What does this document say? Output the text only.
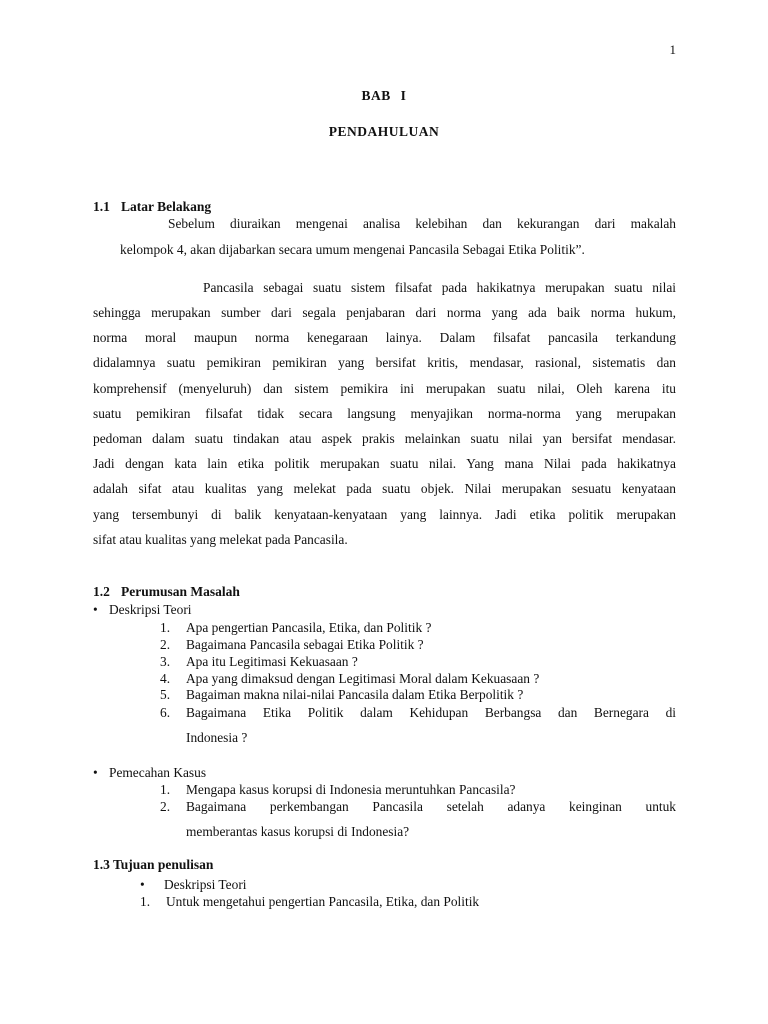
1
BAB I
PENDAHULUAN
1.1 Latar Belakang
Sebelum diuraikan mengenai analisa kelebihan dan kekurangan dari makalah
kelompok 4, akan dijabarkan secara umum mengenai Pancasila Sebagai Etika Politik”.
Pancasila sebagai suatu sistem filsafat pada hakikatnya merupakan suatu nilai
sehingga merupakan sumber dari segala penjabaran dari norma yang ada baik norma hukum,
norma moral maupun norma kenegaraan lainya. Dalam filsafat pancasila terkandung
didalamnya suatu pemikiran pemikiran yang bersifat kritis, mendasar, rasional, sistematis dan
komprehensif (menyeluruh) dan sistem pemikira ini merupakan suatu nilai, Oleh karena itu
suatu pemikiran filsafat tidak secara langsung menyajikan norma-norma yang merupakan
pedoman dalam suatu tindakan atau aspek prakis melainkan suatu nilai yan bersifat mendasar.
Jadi dengan kata lain etika politik merupakan suatu nilai. Yang mana Nilai pada hakikatnya
adalah sifat atau kualitas yang melekat pada suatu objek. Nilai merupakan sesuatu kenyataan
yang tersembunyi di balik kenyataan-kenyataan yang lainnya. Jadi etika politik merupakan
sifat atau kualitas yang melekat pada Pancasila.
1.2 Perumusan Masalah
• Deskripsi Teori
1. Apa pengertian Pancasila, Etika, dan Politik ?
2. Bagaimana Pancasila sebagai Etika Politik ?
3. Apa itu Legitimasi Kekuasaan ?
4. Apa yang dimaksud dengan Legitimasi Moral dalam Kekuasaan ?
5. Bagaiman makna nilai-nilai Pancasila dalam Etika Berpolitik ?
6. Bagaimana Etika Politik dalam Kehidupan Berbangsa dan Bernegara di
Indonesia ?
• Pemecahan Kasus
1. Mengapa kasus korupsi di Indonesia meruntuhkan Pancasila?
2. Bagaimana perkembangan Pancasila setelah adanya keinginan untuk
memberantas kasus korupsi di Indonesia?
1.3 Tujuan penulisan
• Deskripsi Teori
1. Untuk mengetahui pengertian Pancasila, Etika, dan Politik
